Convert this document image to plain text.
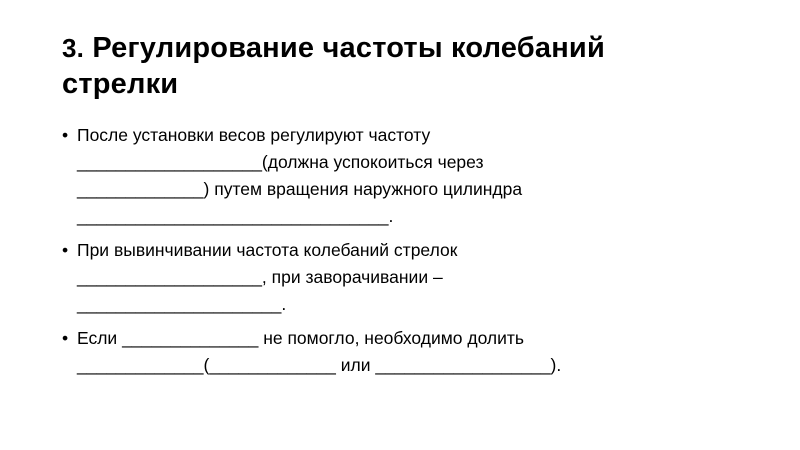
3. Регулирование частоты колебаний
стрелки
• После установки весов регулируют частоту
___________________(должна успокоиться через
_____________) путем вращения наружного цилиндра
________________________________.
• При вывинчивании частота колебаний стрелок
___________________, при заворачивании –
_____________________.
• Если ______________ не помогло, необходимо долить
_____________(_____________ или __________________).
